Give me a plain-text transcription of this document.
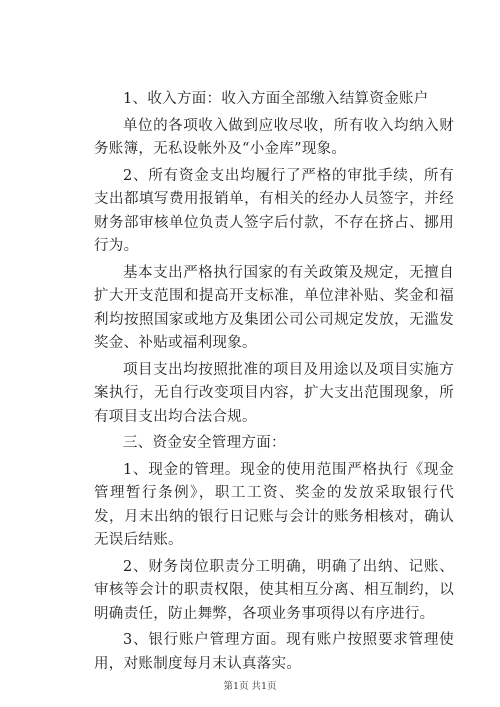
1、收入方面：收入方面全部缴入结算资金账户

单位的各项收入做到应收尽收，所有收入均纳入财务账簿，无私设帐外及“小金库”现象。

2、所有资金支出均履行了严格的审批手续，所有支出都填写费用报销单，有相关的经办人员签字，并经财务部审核单位负责人签字后付款，不存在挤占、挪用行为。

基本支出严格执行国家的有关政策及规定，无擅自扩大开支范围和提高开支标准，单位津补贴、奖金和福利均按照国家或地方及集团公司公司规定发放，无滥发奖金、补贴或福利现象。

项目支出均按照批准的项目及用途以及项目实施方案执行，无自行改变项目内容，扩大支出范围现象，所有项目支出均合法合规。

三、资金安全管理方面：

1、现金的管理。现金的使用范围严格执行《现金管理暂行条例》，职工工资、奖金的发放采取银行代发，月末出纳的银行日记账与会计的账务相核对，确认无误后结账。

2、财务岗位职责分工明确，明确了出纳、记账、审核等会计的职责权限，使其相互分离、相互制约，以明确责任，防止舞弊，各项业务事项得以有序进行。

3、银行账户管理方面。现有账户按照要求管理使用，对账制度每月末认真落实。

第1页 共1页
